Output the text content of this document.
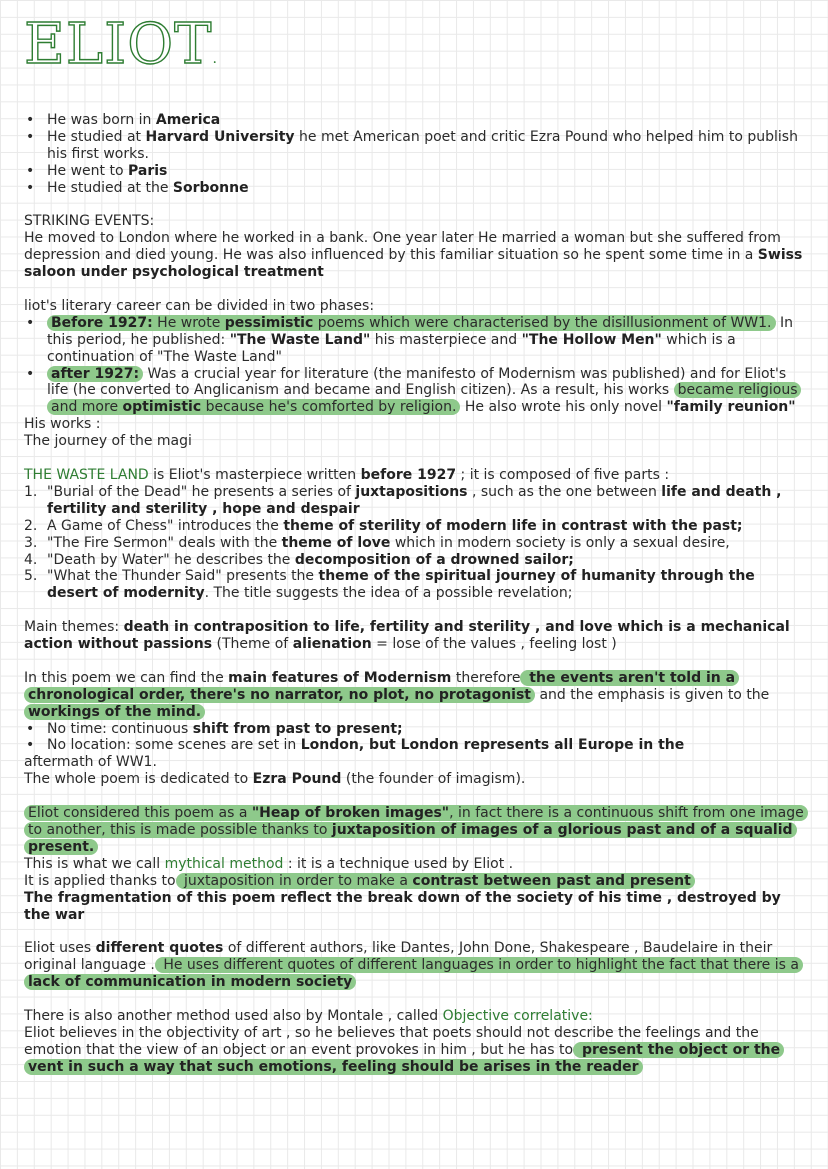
ELIOT.
• He was born in America
• He studied at Harvard University he met American poet and critic Ezra Pound who helped him to publish his first works.
• He went to Paris
• He studied at the Sorbonne

STRIKING EVENTS:

He moved to London where he worked in a bank. One year later He married a woman but she suffered from depression and died young. He was also influenced by this familiar situation so he spent some time in a Swiss saloon under psychological treatment

liot's literary career can be divided in two phases:

• Before 1927: He wrote pessimistic poems which were characterised by the disillusionment of WW1. In this period, he published: "The Waste Land" his masterpiece and "The Hollow Men" which is a continuation of "The Waste Land"
• after 1927: Was a crucial year for literature (the manifesto of Modernism was published) and for Eliot's life (he converted to Anglicanism and became and English citizen). As a result, his works became religious and more optimistic because he's comforted by religion. He also wrote his only novel "family reunion"

His works :

The journey of the magi

THE WASTE LAND is Eliot's masterpiece written before 1927 ; it is composed of five parts :

1. "Burial of the Dead" he presents a series of juxtapositions , such as the one between life and death , fertility and sterility , hope and despair
2. A Game of Chess" introduces the theme of sterility of modern life in contrast with the past;
3. "The Fire Sermon" deals with the theme of love which in modern society is only a sexual desire,
4. "Death by Water" he describes the decomposition of a drowned sailor;
5. "What the Thunder Said" presents the theme of the spiritual journey of humanity through the desert of modernity. The title suggests the idea of a possible revelation;

Main themes: death in contraposition to life, fertility and sterility , and love which is a mechanical action without passions (Theme of alienation = lose of the values , feeling lost )

In this poem we can find the main features of Modernism therefore the events aren't told in a chronological order, there's no narrator, no plot, no protagonist and the emphasis is given to the workings of the mind.

• No time: continuous shift from past to present;
• No location: some scenes are set in London, but London represents all Europe in the

aftermath of WW1.

The whole poem is dedicated to Ezra Pound (the founder of imagism).

Eliot considered this poem as a "Heap of broken images", in fact there is a continuous shift from one image to another, this is made possible thanks to juxtaposition of images of a glorious past and of a squalid present.

This is what we call mythical method : it is a technique used by Eliot .

It is applied thanks to juxtaposition in order to make a contrast between past and present

The fragmentation of this poem reflect the break down of the society of his time , destroyed by the war

Eliot uses different quotes of different authors, like Dantes, John Done, Shakespeare , Baudelaire in their original language . He uses different quotes of different languages in order to highlight the fact that there is a lack of communication in modern society

There is also another method used also by Montale , called Objective correlative:

Eliot believes in the objectivity of art , so he believes that poets should not describe the feelings and the emotion that the view of an object or an event provokes in him , but he has to present the object or the vent in such a way that such emotions, feeling should be arises in the reader
